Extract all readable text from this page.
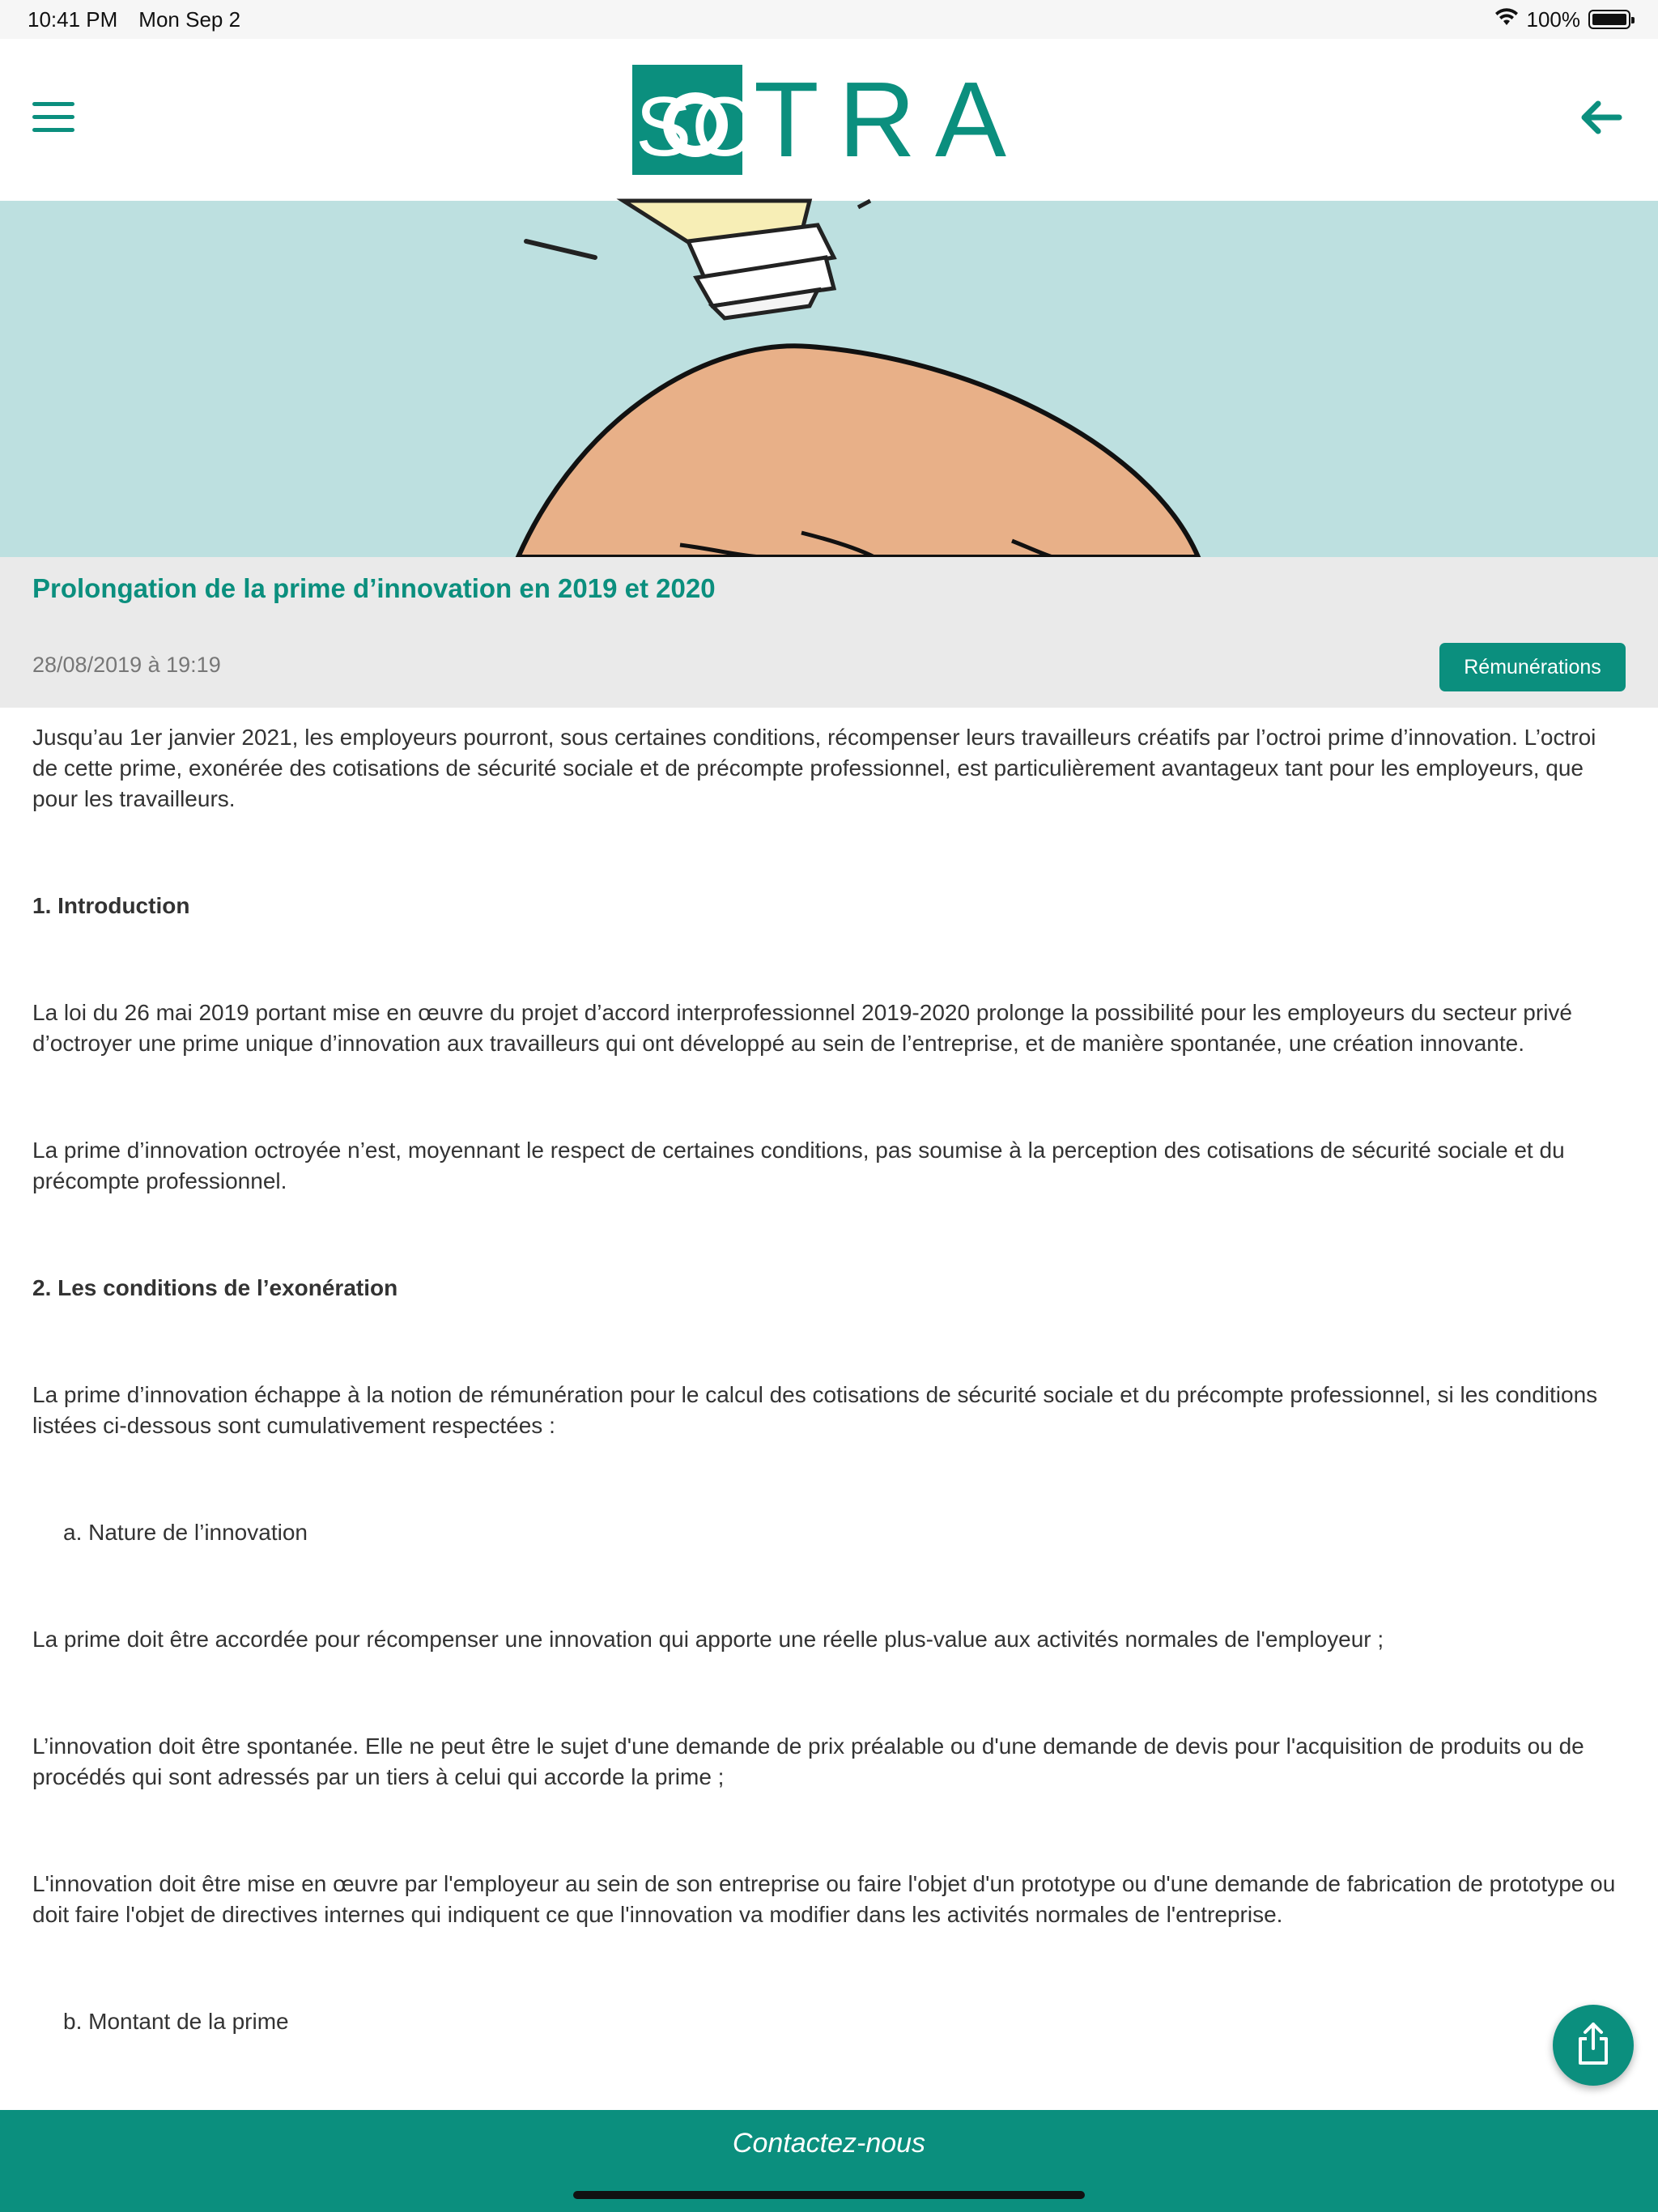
10:41 PM Mon Sep 2	100%
SO
TRA
Prolongation de la prime d’innovation en 2019 et 2020
28/08/2019 à 19:19	Rémunérations

Jusqu’au 1er janvier 2021, les employeurs pourront, sous certaines conditions, récompenser leurs travailleurs créatifs par l’octroi prime d’innovation. L’octroi de cette prime, exonérée des cotisations de sécurité sociale et de précompte professionnel, est particulièrement avantageux tant pour les employeurs, que pour les travailleurs.

1. Introduction

La loi du 26 mai 2019 portant mise en œuvre du projet d’accord interprofessionnel 2019-2020 prolonge la possibilité pour les employeurs du secteur privé d’octroyer une prime unique d’innovation aux travailleurs qui ont développé au sein de l’entreprise, et de manière spontanée, une création innovante.

La prime d’innovation octroyée n’est, moyennant le respect de certaines conditions, pas soumise à la perception des cotisations de sécurité sociale et du précompte professionnel.

2. Les conditions de l’exonération

La prime d’innovation échappe à la notion de rémunération pour le calcul des cotisations de sécurité sociale et du précompte professionnel, si les conditions listées ci-dessous sont cumulativement respectées :

a. Nature de l’innovation

La prime doit être accordée pour récompenser une innovation qui apporte une réelle plus-value aux activités normales de l'employeur ;

L’innovation doit être spontanée. Elle ne peut être le sujet d'une demande de prix préalable ou d'une demande de devis pour l'acquisition de produits ou de procédés qui sont adressés par un tiers à celui qui accorde la prime ;

L'innovation doit être mise en œuvre par l'employeur au sein de son entreprise ou faire l'objet d'un prototype ou d'une demande de fabrication de prototype ou doit faire l'objet de directives internes qui indiquent ce que l'innovation va modifier dans les activités normales de l'entreprise.

b. Montant de la prime

Contactez-nous
